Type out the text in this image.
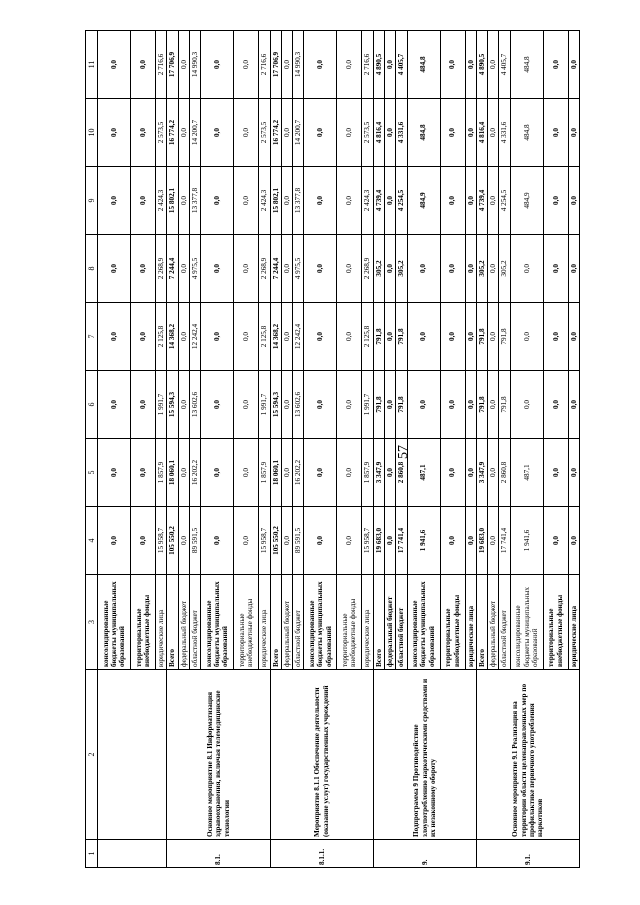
57
1	2	3	4	5	6	7	8	9	10	11
		консолидированные бюджеты муниципальных образований	0,0	0,0	0,0	0,0	0,0	0,0	0,0	0,0
		территориальные внебюджетные фонды	0,0	0,0	0,0	0,0	0,0	0,0	0,0	0,0
		юридические лица	15 958,7	1 857,9	1 991,7	2 125,8	2 268,9	2 424,3	2 573,5	2 716,6
8.1.	Основное мероприятие 8.1 Информатизация здравоохранения, включая телемедицинские технологии	Всего	105 550,2	18 060,1	15 594,3	14 368,2	7 244,4	15 802,1	16 774,2	17 706,9
		федеральный бюджет	0,0	0,0	0,0	0,0	0,0	0,0	0,0	0,0
		областной бюджет	89 591,5	16 202,2	13 602,6	12 242,4	4 975,5	13 377,8	14 200,7	14 990,3
		консолидированные бюджеты муниципальных образований	0,0	0,0	0,0	0,0	0,0	0,0	0,0	0,0
		территориальные внебюджетные фонды	0,0	0,0	0,0	0,0	0,0	0,0	0,0	0,0
		юридические лица	15 958,7	1 857,9	1 991,7	2 125,8	2 268,9	2 424,3	2 573,5	2 716,6
8.1.1.	Мероприятие 8.1.1 Обеспечение деятельности (оказание услуг) государственных учреждений	Всего	105 550,2	18 060,1	15 594,3	14 368,2	7 244,4	15 802,1	16 774,2	17 706,9
		федеральный бюджет	0,0	0,0	0,0	0,0	0,0	0,0	0,0	0,0
		областной бюджет	89 591,5	16 202,2	13 602,6	12 242,4	4 975,5	13 377,8	14 200,7	14 990,3
		консолидированные бюджеты муниципальных образований	0,0	0,0	0,0	0,0	0,0	0,0	0,0	0,0
		территориальные внебюджетные фонды	0,0	0,0	0,0	0,0	0,0	0,0	0,0	0,0
		юридические лица	15 958,7	1 857,9	1 991,7	2 125,8	2 268,9	2 424,3	2 573,5	2 716,6
9.	Подпрограмма 9 Противодействие злоупотреблению наркотическими средствами и их незаконному обороту	Всего	19 683,0	3 347,9	791,8	791,8	305,2	4 739,4	4 816,4	4 890,5
		федеральный бюджет	0,0	0,0	0,0	0,0	0,0	0,0	0,0	0,0
		областной бюджет	17 741,4	2 860,8	791,8	791,8	305,2	4 254,5	4 331,6	4 405,7
		консолидированные бюджеты муниципальных образований	1 941,6	487,1	0,0	0,0	0,0	484,9	484,8	484,8
		территориальные внебюджетные фонды	0,0	0,0	0,0	0,0	0,0	0,0	0,0	0,0
		юридические лица	0,0	0,0	0,0	0,0	0,0	0,0	0,0	0,0
9.1.	Основное мероприятие 9.1 Реализация на территории области целенаправленных мер по профилактике первичного употребления наркотиков	Всего	19 683,0	3 347,9	791,8	791,8	305,2	4 739,4	4 816,4	4 890,5
		федеральный бюджет	0,0	0,0	0,0	0,0	0,0	0,0	0,0	0,0
		областной бюджет	17 741,4	2 860,8	791,8	791,8	305,2	4 254,5	4 331,6	4 405,7
		консолидированные бюджеты муниципальных образований	1 941,6	487,1	0,0	0,0	0,0	484,9	484,8	484,8
		территориальные внебюджетные фонды	0,0	0,0	0,0	0,0	0,0	0,0	0,0	0,0
		юридические лица	0,0	0,0	0,0	0,0	0,0	0,0	0,0	0,0
